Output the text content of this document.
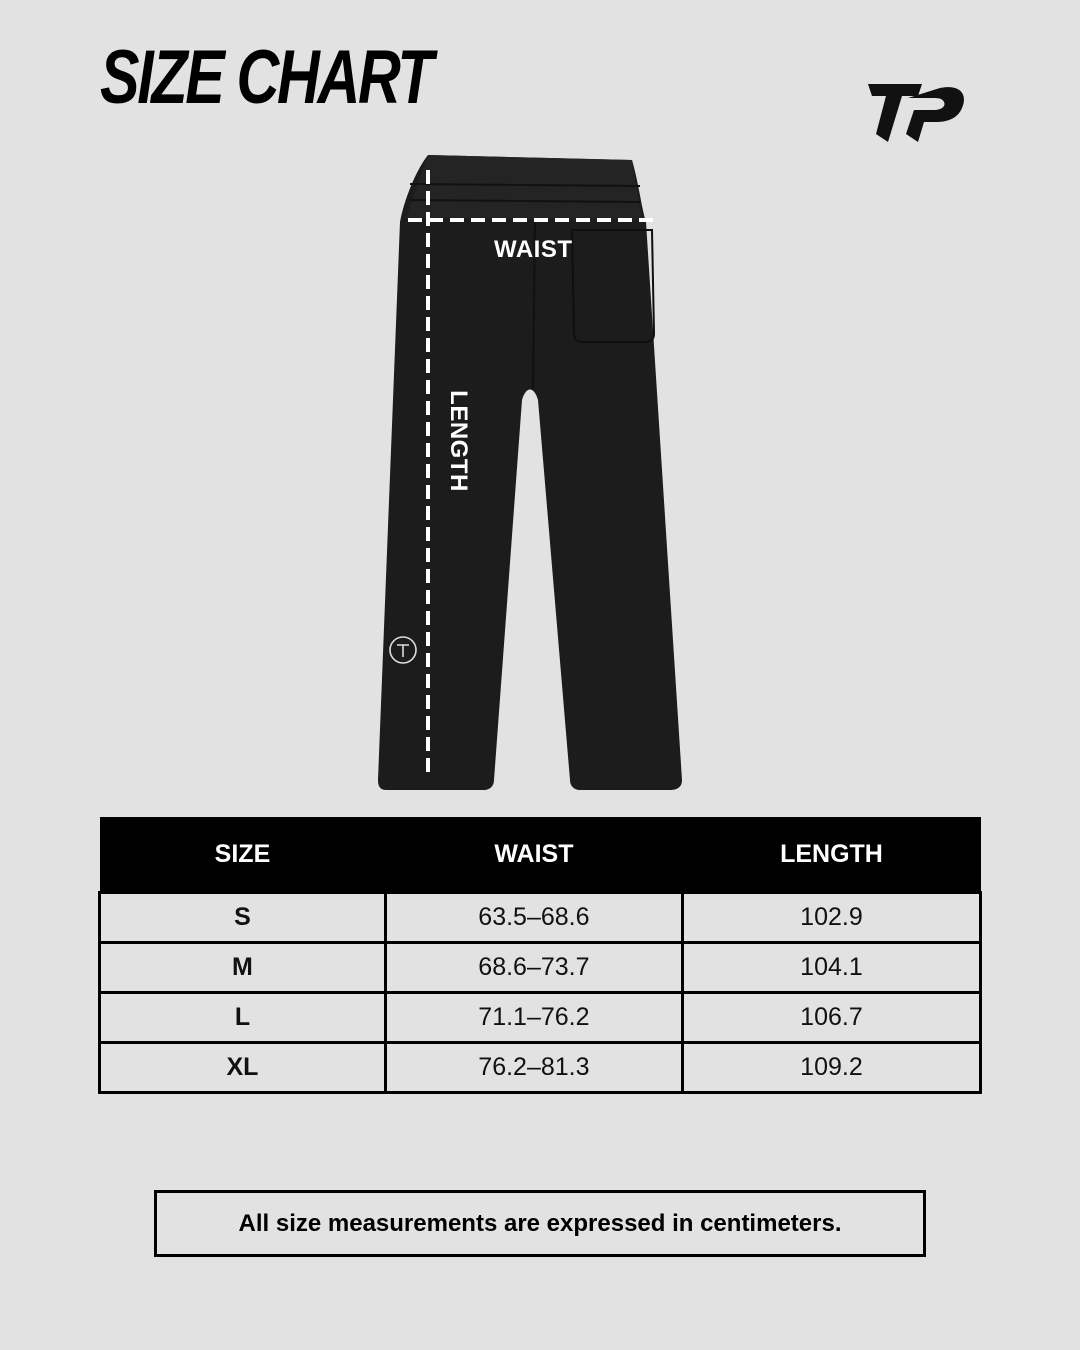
SIZE CHART
WAIST
LENGTH
SIZE	WAIST	LENGTH
S	63.5–68.6	102.9
M	68.6–73.7	104.1
L	71.1–76.2	106.7
XL	76.2–81.3	109.2
All size measurements are expressed in centimeters.
